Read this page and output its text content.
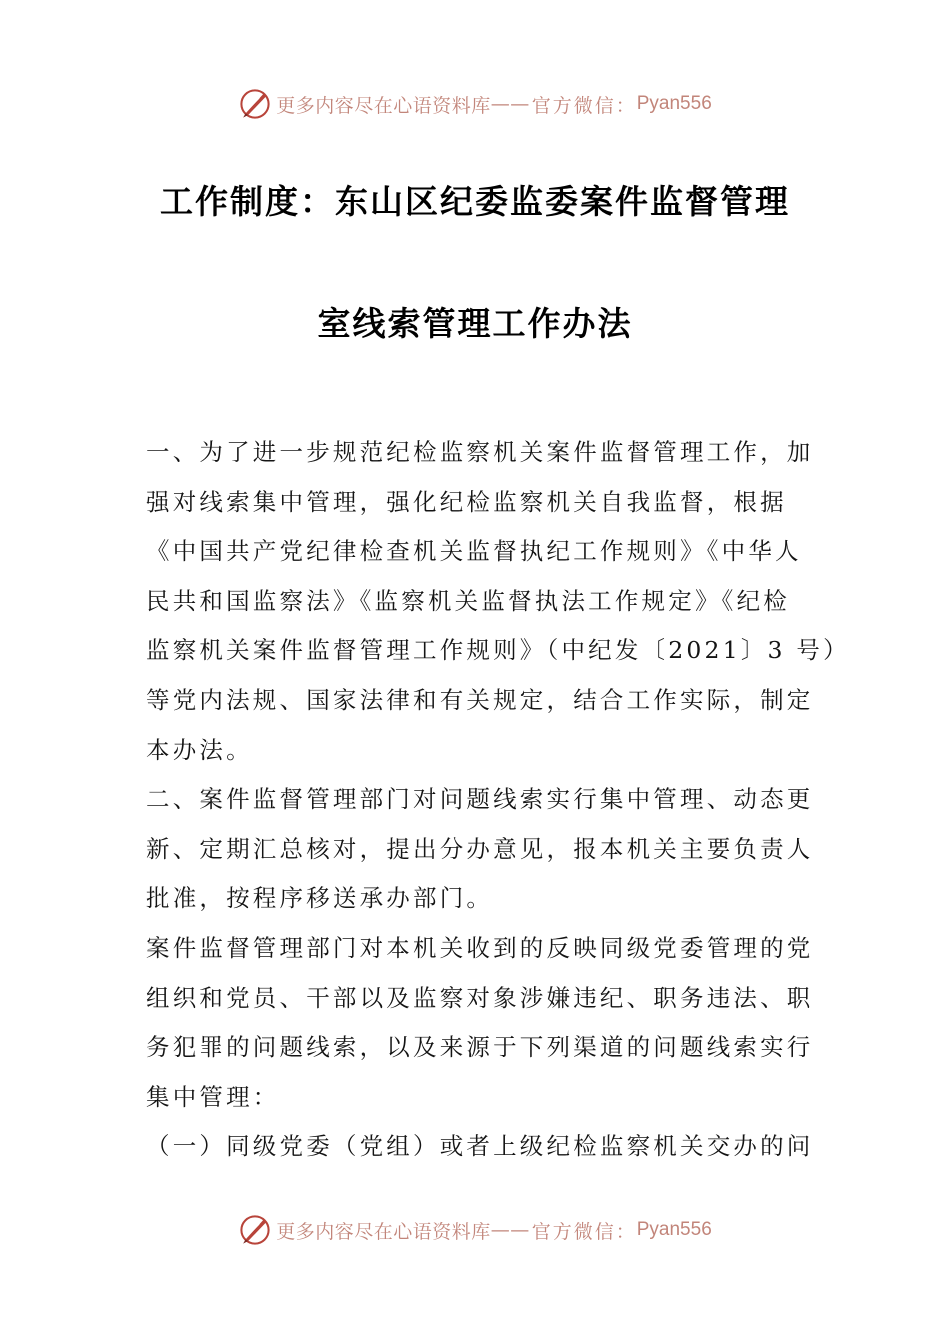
更多内容尽在心语资料库 —— 官方微信： Pyan556
工作制度：东山区纪委监委案件监督管理
室线索管理工作办法
一、为了进一步规范纪检监察机关案件监督管理工作，加
强对线索集中管理，强化纪检监察机关自我监督，根据
《中国共产党纪律检查机关监督执纪工作规则》《中华人
民共和国监察法》《监察机关监督执法工作规定》《纪检
监察机关案件监督管理工作规则》（中纪发〔2021〕3 号）
等党内法规、国家法律和有关规定，结合工作实际，制定
本办法。
二、案件监督管理部门对问题线索实行集中管理、动态更
新、定期汇总核对，提出分办意见，报本机关主要负责人
批准，按程序移送承办部门。
案件监督管理部门对本机关收到的反映同级党委管理的党
组织和党员、干部以及监察对象涉嫌违纪、职务违法、职
务犯罪的问题线索，以及来源于下列渠道的问题线索实行
集中管理：
（一）同级党委（党组）或者上级纪检监察机关交办的问
更多内容尽在心语资料库 —— 官方微信： Pyan556
